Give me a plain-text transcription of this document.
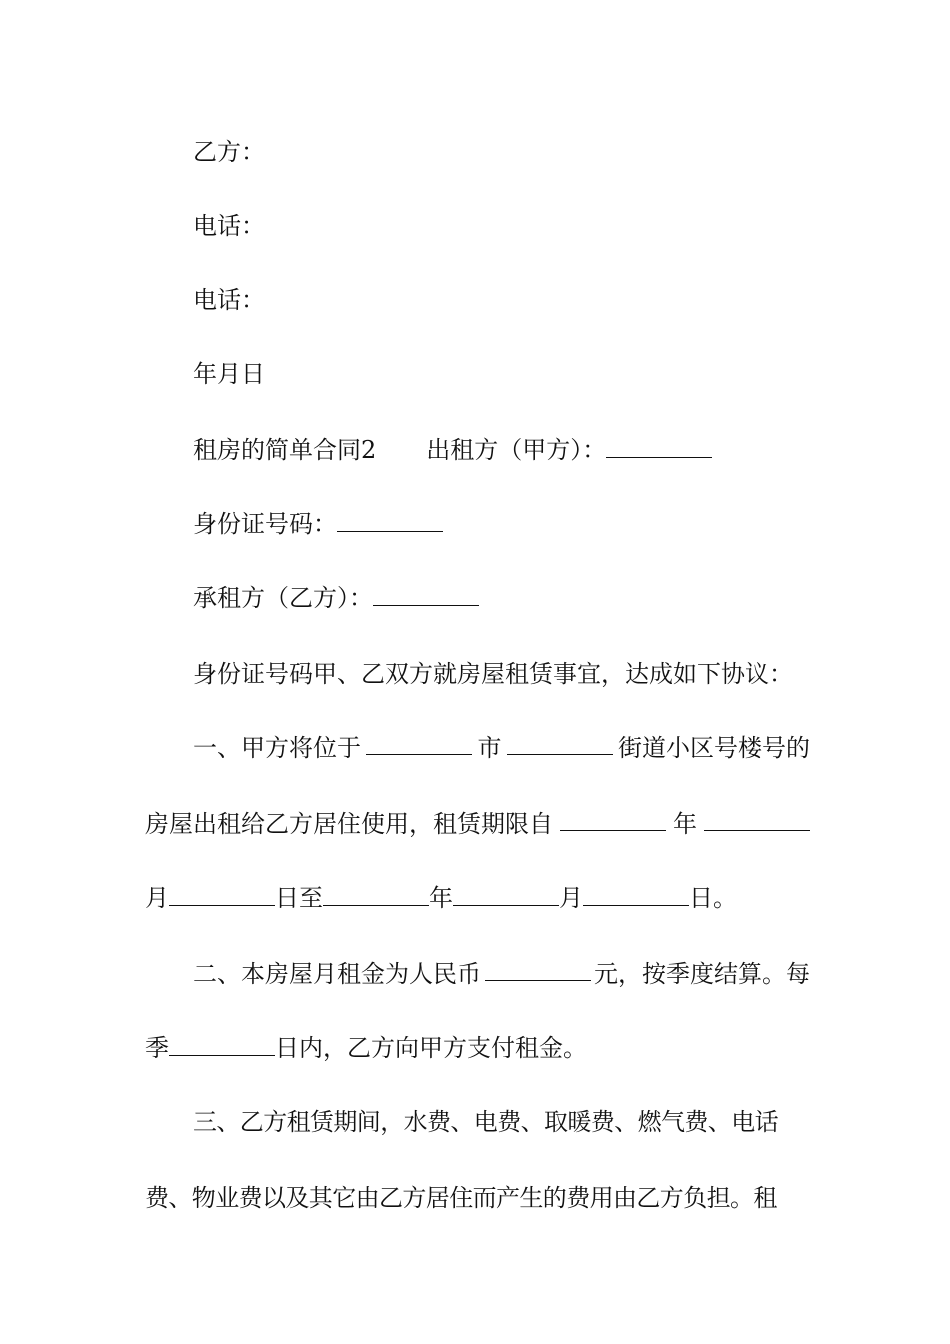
乙方：
电话：
电话：
年月日
租房的简单合同2 出租方（甲方）：
身份证号码：
承租方（乙方）：
身份证号码甲、乙双方就房屋租赁事宜，达成如下协议：
一、甲方将位于	市	街道小区号楼号的
房屋出租给乙方居住使用，租赁期限自	年
月	日至	年	月	日。
二、本房屋月租金为人民币	元，按季度结算。每
季	日内，乙方向甲方支付租金。
三、乙方租赁期间，水费、电费、取暖费、燃气费、电话
费、物业费以及其它由乙方居住而产生的费用由乙方负担。租
